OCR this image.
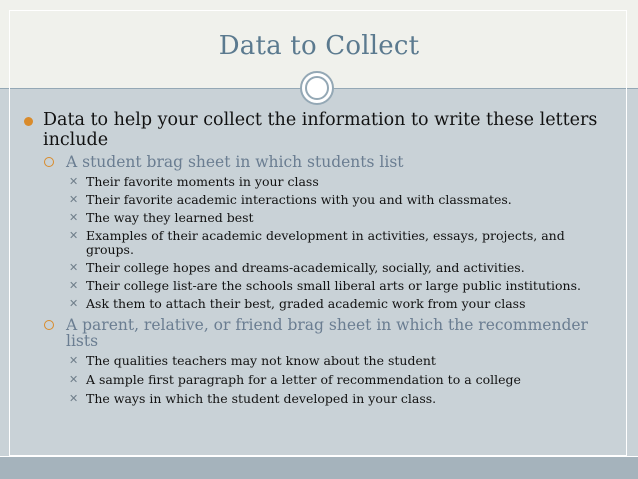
Data to Collect
Data to help your collect the information to write these letters include
A student brag sheet in which students list
✕ Their favorite moments in your class
✕ Their favorite academic interactions with you and with classmates.
✕ The way they learned best
✕ Examples of their academic development in activities, essays, projects, and groups.
✕ Their college hopes and dreams-academically, socially, and activities.
✕ Their college list-are the schools small liberal arts or large public institutions.
✕ Ask them to attach their best, graded academic work from your class
A parent, relative, or friend brag sheet in which the recommender lists
✕ The qualities teachers may not know about the student
✕ A sample first paragraph for a letter of recommendation to a college
✕ The ways in which the student developed in your class.
